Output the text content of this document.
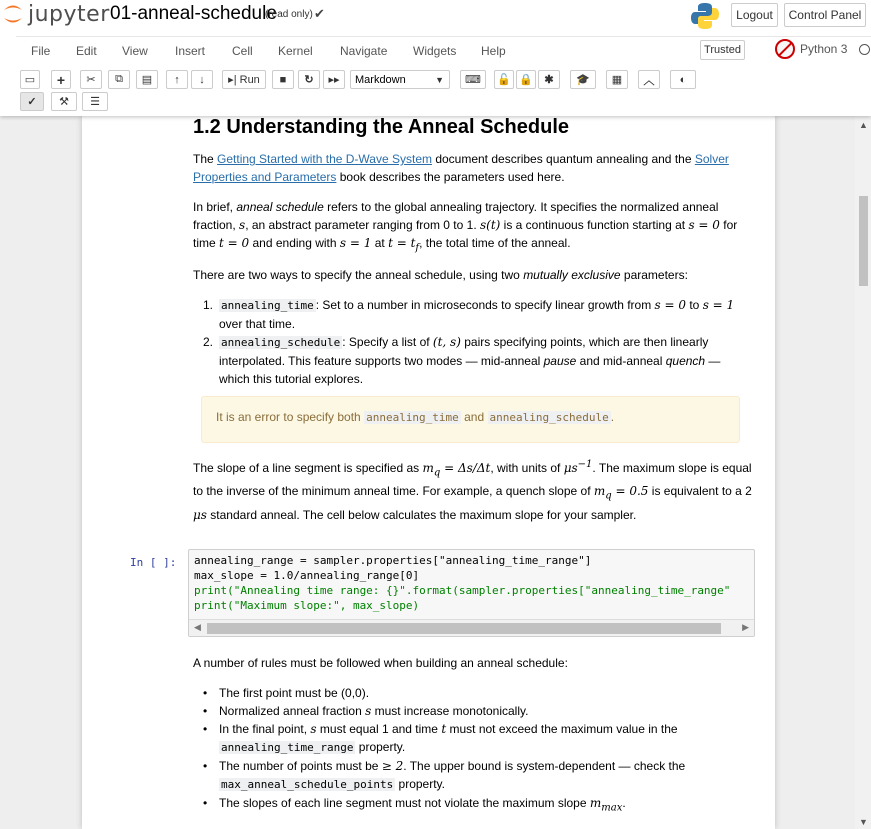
jupyter 01-anneal-schedule
(read only) ✔	Logout	Control Panel
File Edit View Insert Cell Kernel Navigate Widgets Help	Trusted	Python 3
▭ + ✂ ⧉ ▤ ↑ ↓ ▸|
Run ■ ↻ ▸▸ Markdown	▼ ⌨ 🔓 🔒 ✱ 🎓 ▦ ︿ ◐
✓ ⚒ ☰
1.2 Understanding the Anneal Schedule
The Getting Started with the D-Wave System document describes quantum annealing and the Solver Properties and Parameters book describes the parameters used here.
In brief, anneal schedule refers to the global annealing trajectory. It specifies the normalized anneal fraction, s, an abstract parameter ranging from 0 to 1. s(t) is a continuous function starting at s = 0 for time t = 0 and ending with s = 1 at $t = t_f$, the total time of the anneal.
There are two ways to specify the anneal schedule, using two mutually exclusive parameters:
1. annealing_time : Set to a number in microseconds to specify linear growth from s = 0 to s = 1 over that time.
2. annealing_schedule : Specify a list of (t, s) pairs specifying points, which are then linearly interpolated. This feature supports two modes — mid-anneal pause and mid-anneal quench — which this tutorial explores.
It is an error to specify both annealing_time and annealing_schedule .
The slope of a line segment is specified as $m_q = \Delta s/\Delta t$, with units of $\mu s^{-1}$. The maximum slope is equal to the inverse of the minimum anneal time. For example, a quench slope of $m_q = 0.5$ is equivalent to a 2 μs standard anneal. The cell below calculates the maximum slope for your sampler.
In [ ]: annealing_range = sampler.properties["annealing_time_range"]
max_slope = 1.0/annealing_range[0]
print("Annealing time range: {}".format(sampler.properties["annealing_time_range"
print("Maximum slope:", max_slope)
◀	▶
A number of rules must be followed when building an anneal schedule:
• The first point must be (0,0).
• Normalized anneal fraction s must increase monotonically.
• In the final point, s must equal 1 and time t must not exceed the maximum value in the annealing_time_range property.
• The number of points must be ≥ 2. The upper bound is system-dependent — check the max_anneal_schedule_points property.
• The slopes of each line segment must not violate the maximum slope $m_{max}$.
▲
▼
